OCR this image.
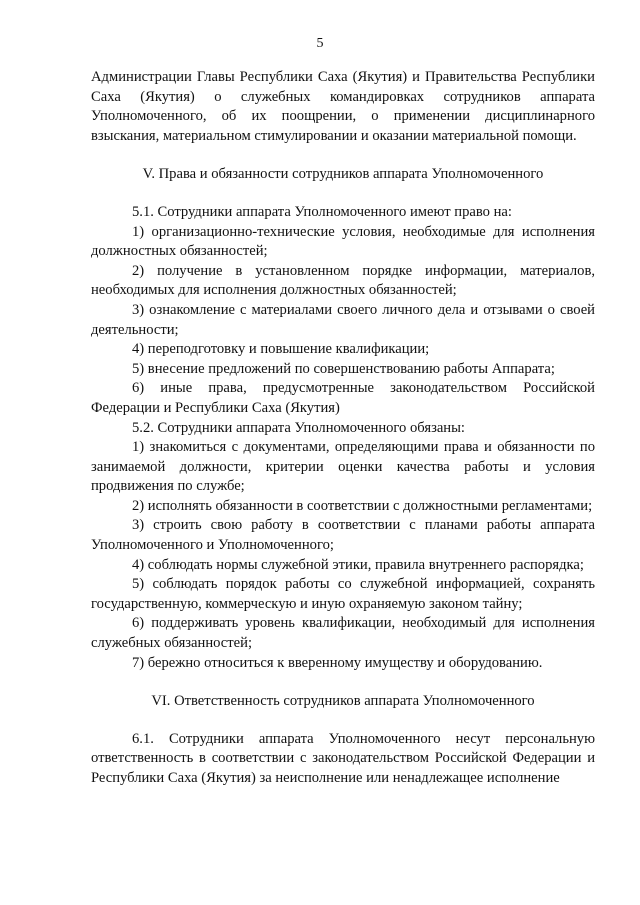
5

Администрации Главы Республики Саха (Якутия) и Правительства Республики Саха (Якутия) о служебных командировках сотрудников аппарата Уполномоченного, об их поощрении, о применении дисциплинарного взыскания, материальном стимулировании и оказании материальной помощи.

V. Права и обязанности сотрудников аппарата Уполномоченного

5.1. Сотрудники аппарата Уполномоченного имеют право на:

1) организационно-технические условия, необходимые для исполнения должностных обязанностей;

2) получение в установленном порядке информации, материалов, необходимых для исполнения должностных обязанностей;

3) ознакомление с материалами своего личного дела и отзывами о своей деятельности;

4) переподготовку и повышение квалификации;

5) внесение предложений по совершенствованию работы Аппарата;

6) иные права, предусмотренные законодательством Российской Федерации и Республики Саха (Якутия)

5.2. Сотрудники аппарата Уполномоченного обязаны:

1) знакомиться с документами, определяющими права и обязанности по занимаемой должности, критерии оценки качества работы и условия продвижения по службе;

2) исполнять обязанности в соответствии с должностными регламентами;

3) строить свою работу в соответствии с планами работы аппарата Уполномоченного и Уполномоченного;

4) соблюдать нормы служебной этики, правила внутреннего распорядка;

5) соблюдать порядок работы со служебной информацией, сохранять государственную, коммерческую и иную охраняемую законом тайну;

6) поддерживать уровень квалификации, необходимый для исполнения служебных обязанностей;

7) бережно относиться к вверенному имуществу и оборудованию.

VI. Ответственность сотрудников аппарата Уполномоченного

6.1. Сотрудники аппарата Уполномоченного несут персональную ответственность в соответствии с законодательством Российской Федерации и Республики Саха (Якутия) за неисполнение или ненадлежащее исполнение
